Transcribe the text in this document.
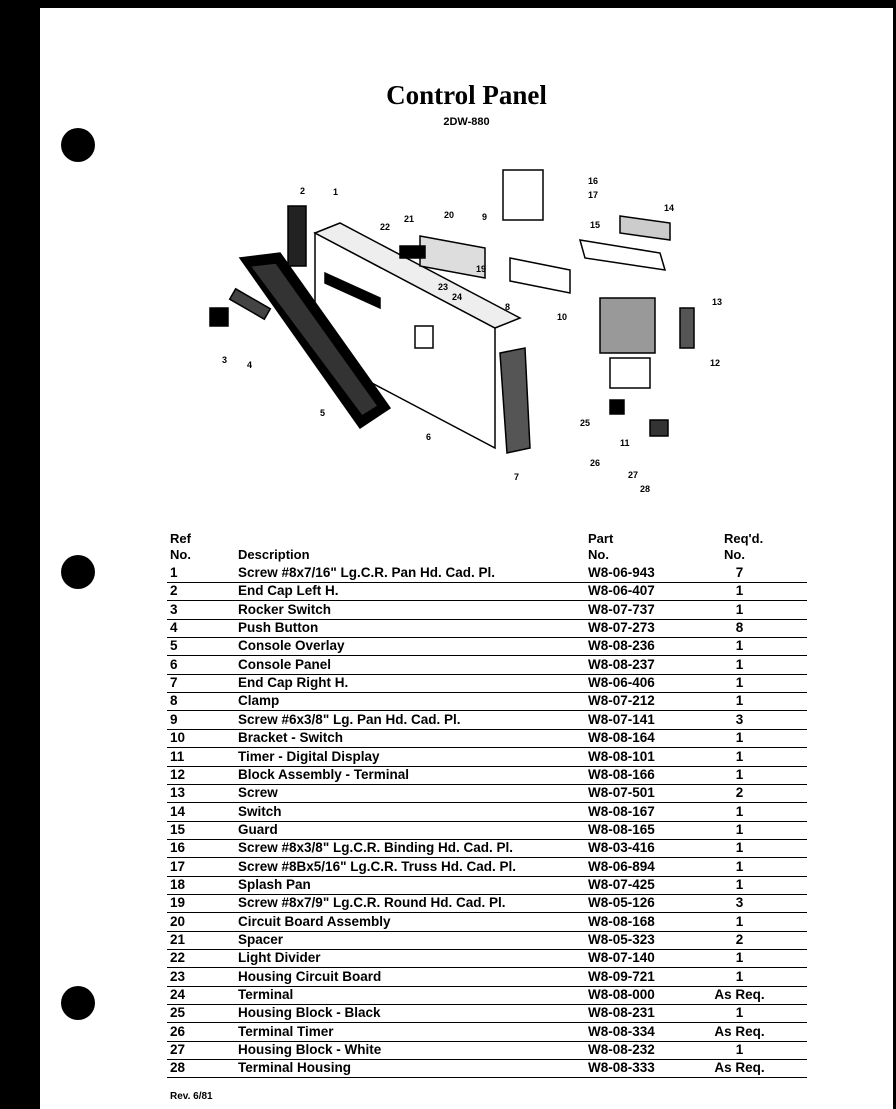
Control Panel
2DW-880
1
2
3 4
5
6
7
8
9
10
11
12
13
14
15
16
17
19
20
21
22
23
24
25
26
27
28
Ref
No.	Description
Part
No.
Req'd.
No.
1	Screw #8x7/16" Lg.C.R. Pan Hd. Cad. Pl.	W8-06-943	7
2	End Cap Left H.	W8-06-407	1
3	Rocker Switch	W8-07-737	1
4	Push Button	W8-07-273	8
5	Console Overlay	W8-08-236	1
6	Console Panel	W8-08-237	1
7	End Cap Right H.	W8-06-406	1
8	Clamp	W8-07-212	1
9	Screw #6x3/8" Lg. Pan Hd. Cad. Pl.	W8-07-141	3
10	Bracket - Switch	W8-08-164	1
11	Timer - Digital Display	W8-08-101	1
12	Block Assembly - Terminal	W8-08-166	1
13	Screw	W8-07-501	2
14	Switch	W8-08-167	1
15	Guard	W8-08-165	1
16	Screw #8x3/8" Lg.C.R. Binding Hd. Cad. Pl.	W8-03-416	1
17	Screw #8Bx5/16" Lg.C.R. Truss Hd. Cad. Pl.	W8-06-894	1
18	Splash Pan	W8-07-425	1
19	Screw #8x7/9" Lg.C.R. Round Hd. Cad. Pl.	W8-05-126	3
20	Circuit Board Assembly	W8-08-168	1
21	Spacer	W8-05-323	2
22	Light Divider	W8-07-140	1
23	Housing Circuit Board	W8-09-721	1
24	Terminal	W8-08-000	As Req.
25	Housing Block - Black	W8-08-231	1
26	Terminal Timer	W8-08-334	As Req.
27	Housing Block - White	W8-08-232	1
28	Terminal Housing	W8-08-333	As Req.
Rev. 6/81
